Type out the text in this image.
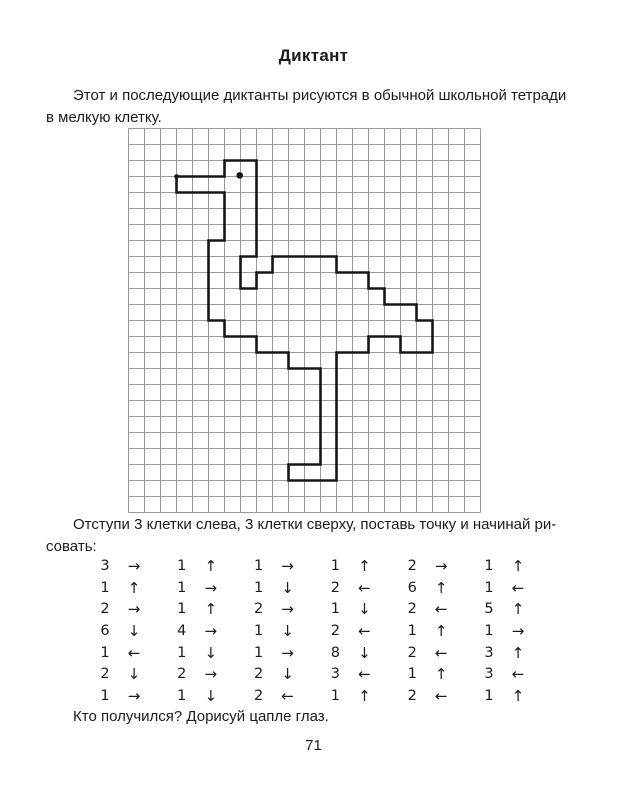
Диктант
Этот и последующие диктанты рисуются в обычной школьной тетради
в мелкую клетку.
Отступи 3 клетки слева, 3 клетки сверху, поставь точку и начинай ри-
совать:
3 →	1 ↑	1 →	1 ↑	2 →	1 ↑
1 ↑	1 →	1 ↓	2 ←	6 ↑	1 ←
2 →	1 ↑	2 →	1 ↓	2 ←	5 ↑
6 ↓	4 →	1 ↓	2 ←	1 ↑	1 →
1 ←	1 ↓	1 →	8 ↓	2 ←	3 ↑
2 ↓	2 →	2 ↓	3 ←	1 ↑	3 ←
1 →	1 ↓	2 ←	1 ↑	2 ←	1 ↑
Кто получился? Дорисуй цапле глаз.
71
